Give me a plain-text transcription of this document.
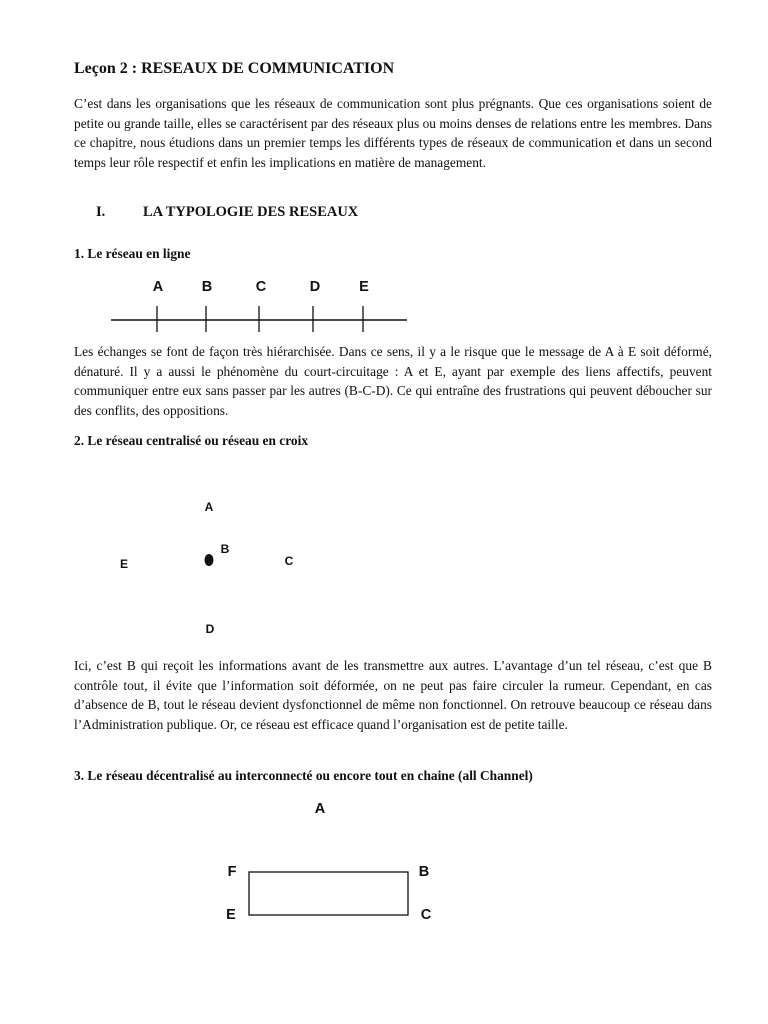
Leçon 2 : RESEAUX DE COMMUNICATION

C’est dans les organisations que les réseaux de communication sont plus prégnants. Que ces organisations soient de petite ou grande taille, elles se caractérisent par des réseaux plus ou moins denses de relations entre les membres. Dans ce chapitre, nous étudions dans un premier temps les différents types de réseaux de communication et dans un second temps leur rôle respectif et enfin les implications en matière de management.

I.	LA TYPOLOGIE DES RESEAUX
1. Le réseau en ligne
A	B	C	D	E

Les échanges se font de façon très hiérarchisée. Dans ce sens, il y a le risque que le message de A à E soit déformé, dénaturé. Il y a aussi le phénomène du court-circuitage : A et E, ayant par exemple des liens affectifs, peuvent communiquer entre eux sans passer par les autres (B-C-D). Ce qui entraîne des frustrations qui peuvent déboucher sur des conflits, des oppositions.

2. Le réseau centralisé ou réseau en croix
A
B
C
E
D

Ici, c’est B qui reçoit les informations avant de les transmettre aux autres. L’avantage d’un tel réseau, c’est que B contrôle tout, il évite que l’information soit déformée, on ne peut pas faire circuler la rumeur. Cependant, en cas d’absence de B, tout le réseau devient dysfonctionnel de même non fonctionnel. On retrouve beaucoup ce réseau dans l’Administration publique. Or, ce réseau est efficace quand l’organisation est de petite taille.

3. Le réseau décentralisé au interconnecté ou encore tout en chaine (all Channel)
A
F	B
E	C
